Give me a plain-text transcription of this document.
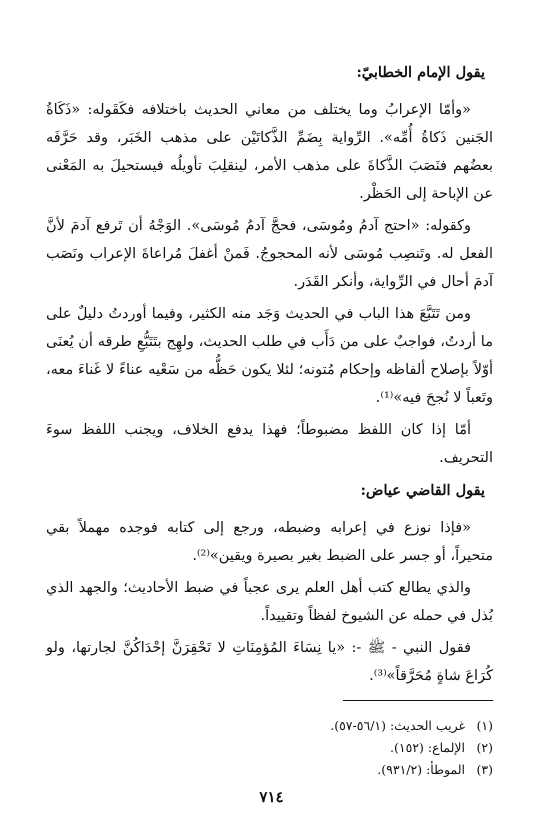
يقول الإمام الخطابيّ:

«وأمّا الإعرابُ وما يختلف من معاني الحديث باختلافه فكَقَوله: «ذَكَاةُ الجَنين ذَكاةُ أُمِّه». الرِّواية بِضَمِّ الذَّكاتَيْن على مذهب الخَبَر، وقد حَرَّفَه بعضُهم فنَصَبَ الذَّكاةَ على مذهب الأمر، لينقلِبَ تأويلُه فيستحيلَ به المَعْنى عن الإباحة إلى الحَظْر.

وكقوله: «احتج آدمُ ومُوسَى، فحجَّ آدمُ مُوسَى». الوَجْهُ أن تَرفع آدمَ لأنَّ الفعل له. وتَنصِب مُوسَى لأنه المحجوجُ. فَمنْ أغفلَ مُراعاةَ الإعراب ونَصَب آدمَ أحال في الرِّواية، وأنكر القَدَر.

ومن تَتَبَّعَ هذا الباب في الحديث وَجَد منه الكثير، وفيما أوردتُ دليلٌ على ما أردتُ، فواجبٌ على من دَأَب في طلب الحديث، ولهِج بتَتَبُّعِ طرقه أن يُعنَى أوّلاً بإصلاح ألفاظه وإحكام مُتونه؛ لئلا يكون حَظُّه من سَعْيه عناءً لا غَناءَ معه، وتَعباً لا نُجحَ فيه»⁽¹⁾.

أمّا إذا كان اللفظ مضبوطاً؛ فهذا يدفع الخلاف، ويجنب اللفظ سوءَ التحريف.

يقول القاضي عياض:

«فإذا نوزع في إعرابه وضبطه، ورجع إلى كتابه فوجده مهملاً بقي متحيراً، أو جسر على الضبط بغير بصيرة ويقين»⁽²⁾.

والذي يطالع كتب أهل العلم يرى عجباً في ضبط الأحاديث؛ والجهد الذي بُذل في حمله عن الشيوخ لفظاً وتقييداً.

فقول النبي - ﷺ -: «يا نِسَاءَ المُؤمِنَاتِ لا تَحْقِرَنَّ إحْدَاكُنَّ لجارتها، ولو كُرَاعَ شاةٍ مُحَرَّقاً»⁽³⁾.

(١) غريب الحديث: (٥٦/١-٥٧).
(٢) الإلماع: (١٥٢).
(٣) الموطأ: (٩٣١/٢).
٧١٤
